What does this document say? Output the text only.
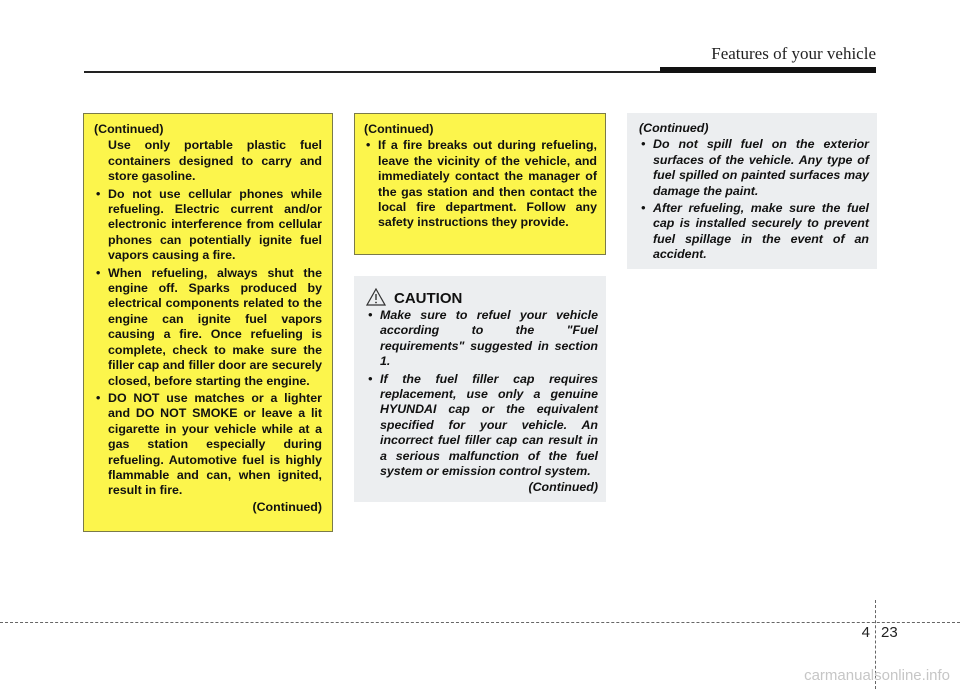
Features of your vehicle
(Continued)

Use only portable plastic fuel containers designed to carry and store gasoline.

• Do not use cellular phones while refueling. Electric current and/or electronic interference from cellular phones can potentially ignite fuel vapors causing a fire.
• When refueling, always shut the engine off. Sparks produced by electrical components related to the engine can ignite fuel vapors causing a fire. Once refueling is complete, check to make sure the filler cap and filler door are securely closed, before starting the engine.
• DO NOT use matches or a lighter and DO NOT SMOKE or leave a lit cigarette in your vehicle while at a gas station especially during refueling. Automotive fuel is highly flammable and can, when ignited, result in fire.
(Continued)
(Continued)
• If a fire breaks out during refueling, leave the vicinity of the vehicle, and immediately contact the manager of the gas station and then contact the local fire department. Follow any safety instructions they provide.
CAUTION
• Make sure to refuel your vehicle according to the "Fuel requirements" suggested in section 1.
• If the fuel filler cap requires replacement, use only a genuine HYUNDAI cap or the equivalent specified for your vehicle. An incorrect fuel filler cap can result in a serious malfunction of the fuel system or emission control system.
(Continued)
(Continued)
• Do not spill fuel on the exterior surfaces of the vehicle. Any type of fuel spilled on painted surfaces may damage the paint.
• After refueling, make sure the fuel cap is installed securely to prevent fuel spillage in the event of an accident.
4 23
carmanualsonline.info
